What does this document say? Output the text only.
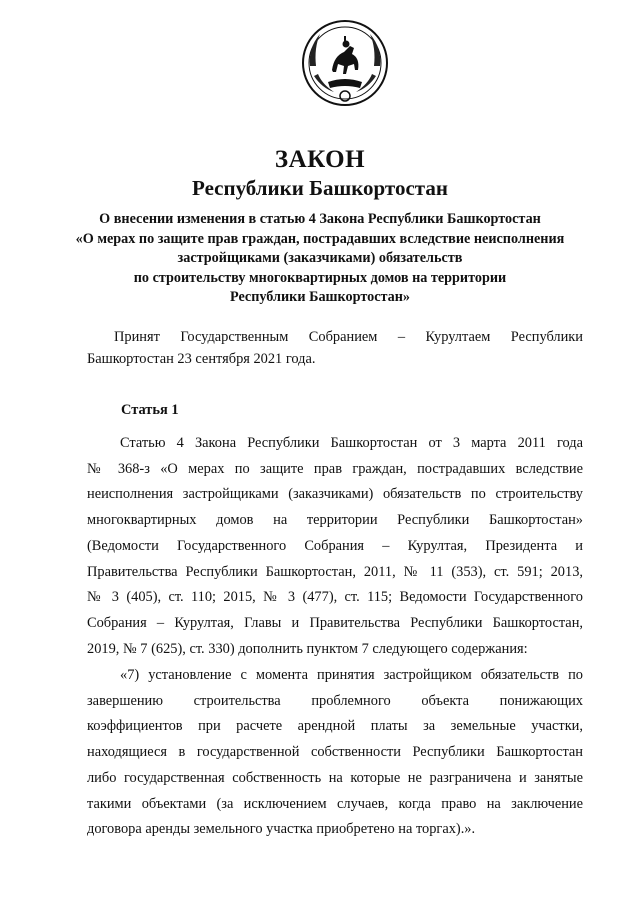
ЗАКОН
Республики Башкортостан
О внесении изменения в статью 4 Закона Республики Башкортостан
«О мерах по защите прав граждан, пострадавших вследствие неисполнения
застройщиками (заказчиками) обязательств
по строительству многоквартирных домов на территории
Республики Башкортостан»
Принят Государственным Собранием – Курултаем Республики
Башкортостан 23 сентября 2021 года.
Статья 1
Статью 4 Закона Республики Башкортостан от 3 марта 2011 года
№ 368-з «О мерах по защите прав граждан, пострадавших вследствие
неисполнения застройщиками (заказчиками) обязательств по строительству
многоквартирных домов на территории Республики Башкортостан»
(Ведомости Государственного Собрания – Курултая, Президента и
Правительства Республики Башкортостан, 2011, № 11 (353), ст. 591; 2013,
№ 3 (405), ст. 110; 2015, № 3 (477), ст. 115; Ведомости Государственного
Собрания – Курултая, Главы и Правительства Республики Башкортостан,
2019, № 7 (625), ст. 330) дополнить пунктом 7 следующего содержания:
«7) установление с момента принятия застройщиком обязательств по
завершению строительства проблемного объекта понижающих
коэффициентов при расчете арендной платы за земельные участки,
находящиеся в государственной собственности Республики Башкортостан
либо государственная собственность на которые не разграничена и занятые
такими объектами (за исключением случаев, когда право на заключение
договора аренды земельного участка приобретено на торгах).».
